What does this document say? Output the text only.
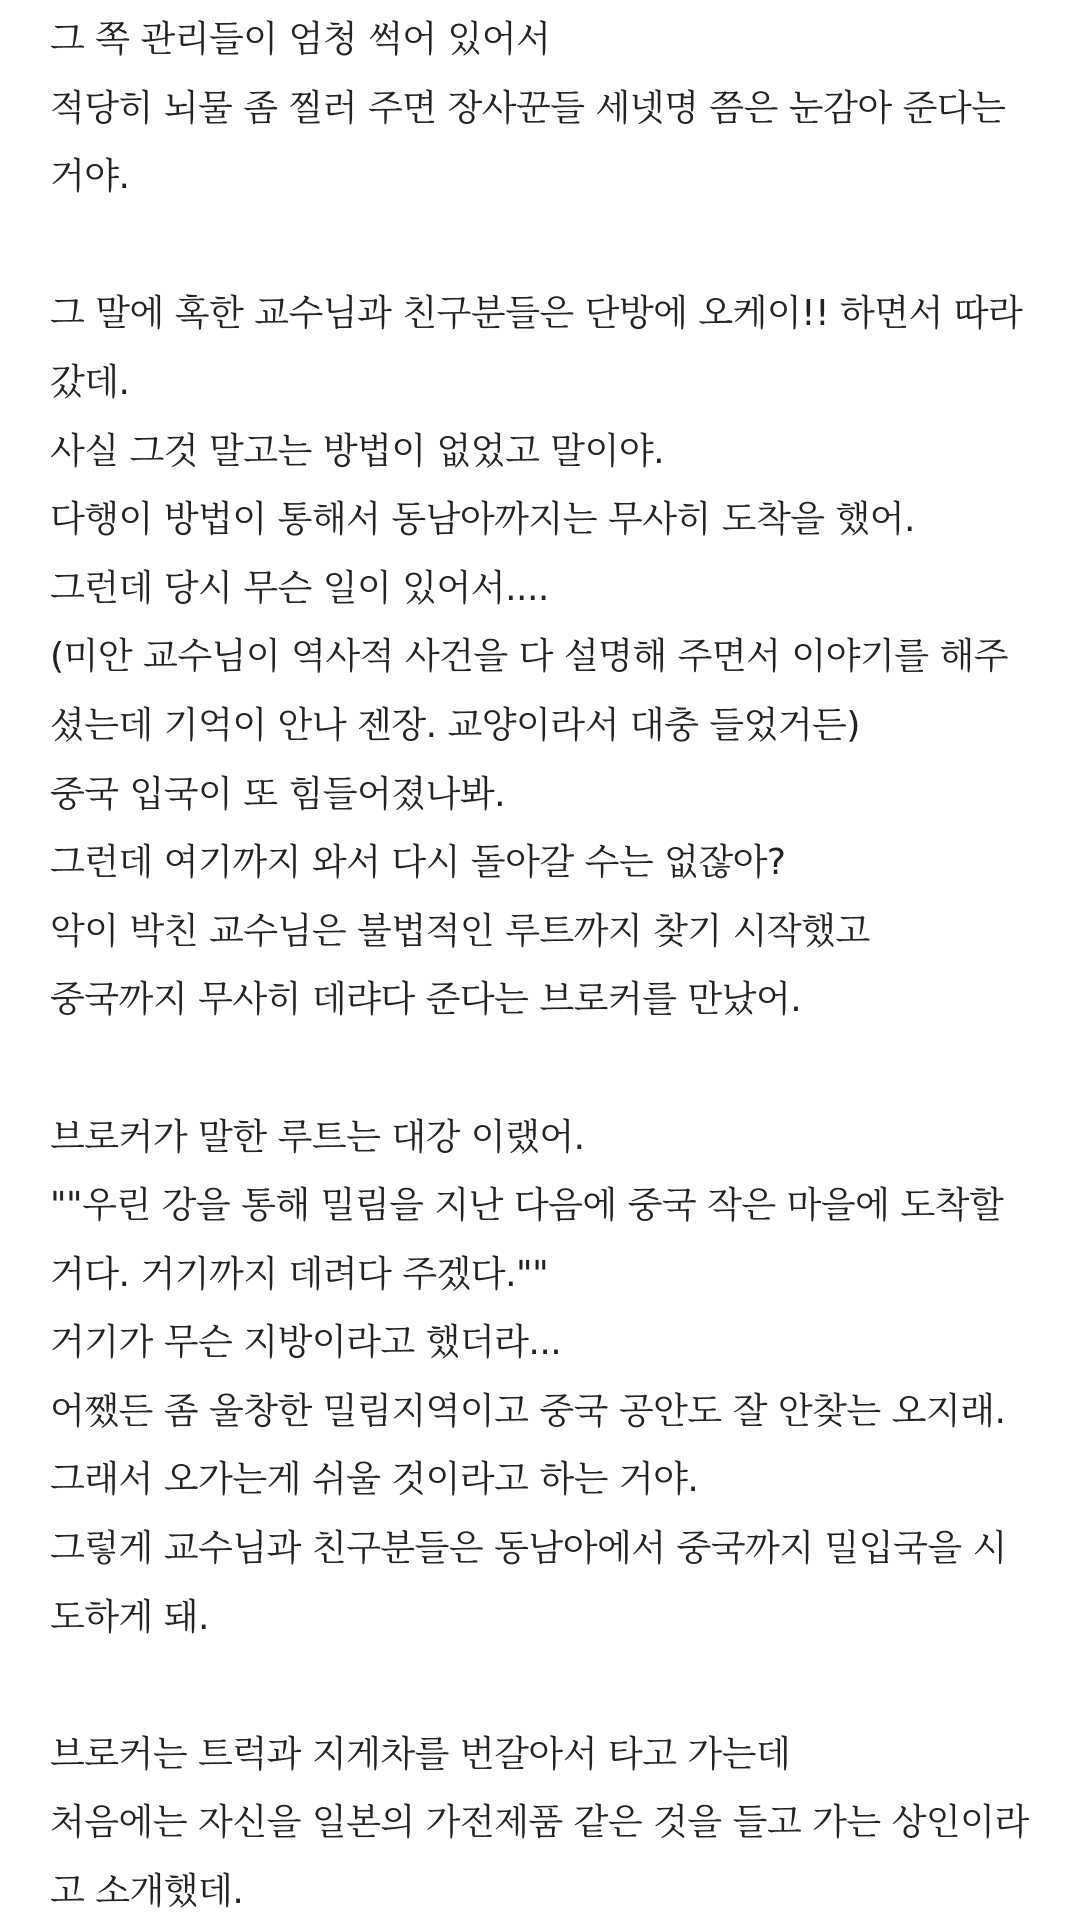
그 쪽 관리들이 엄청 썩어 있어서
적당히 뇌물 좀 찔러 주면 장사꾼들 세넷명 쯤은 눈감아 준다는
거야.
그 말에 혹한 교수님과 친구분들은 단방에 오케이!! 하면서 따라
갔데.
사실 그것 말고는 방법이 없었고 말이야.
다행이 방법이 통해서 동남아까지는 무사히 도착을 했어.
그런데 당시 무슨 일이 있어서....
(미안 교수님이 역사적 사건을 다 설명해 주면서 이야기를 해주
셨는데 기억이 안나 젠장. 교양이라서 대충 들었거든)
중국 입국이 또 힘들어졌나봐.
그런데 여기까지 와서 다시 돌아갈 수는 없잖아?
악이 박친 교수님은 불법적인 루트까지 찾기 시작했고
중국까지 무사히 데랴다 준다는 브로커를 만났어.
브로커가 말한 루트는 대강 이랬어.
""우린 강을 통해 밀림을 지난 다음에 중국 작은 마을에 도착할
거다. 거기까지 데려다 주겠다.""
거기가 무슨 지방이라고 했더라...
어쨌든 좀 울창한 밀림지역이고 중국 공안도 잘 안찾는 오지래.
그래서 오가는게 쉬울 것이라고 하는 거야.
그렇게 교수님과 친구분들은 동남아에서 중국까지 밀입국을 시
도하게 돼.
브로커는 트럭과 지게차를 번갈아서 타고 가는데
처음에는 자신을 일본의 가전제품 같은 것을 들고 가는 상인이라
고 소개했데.
